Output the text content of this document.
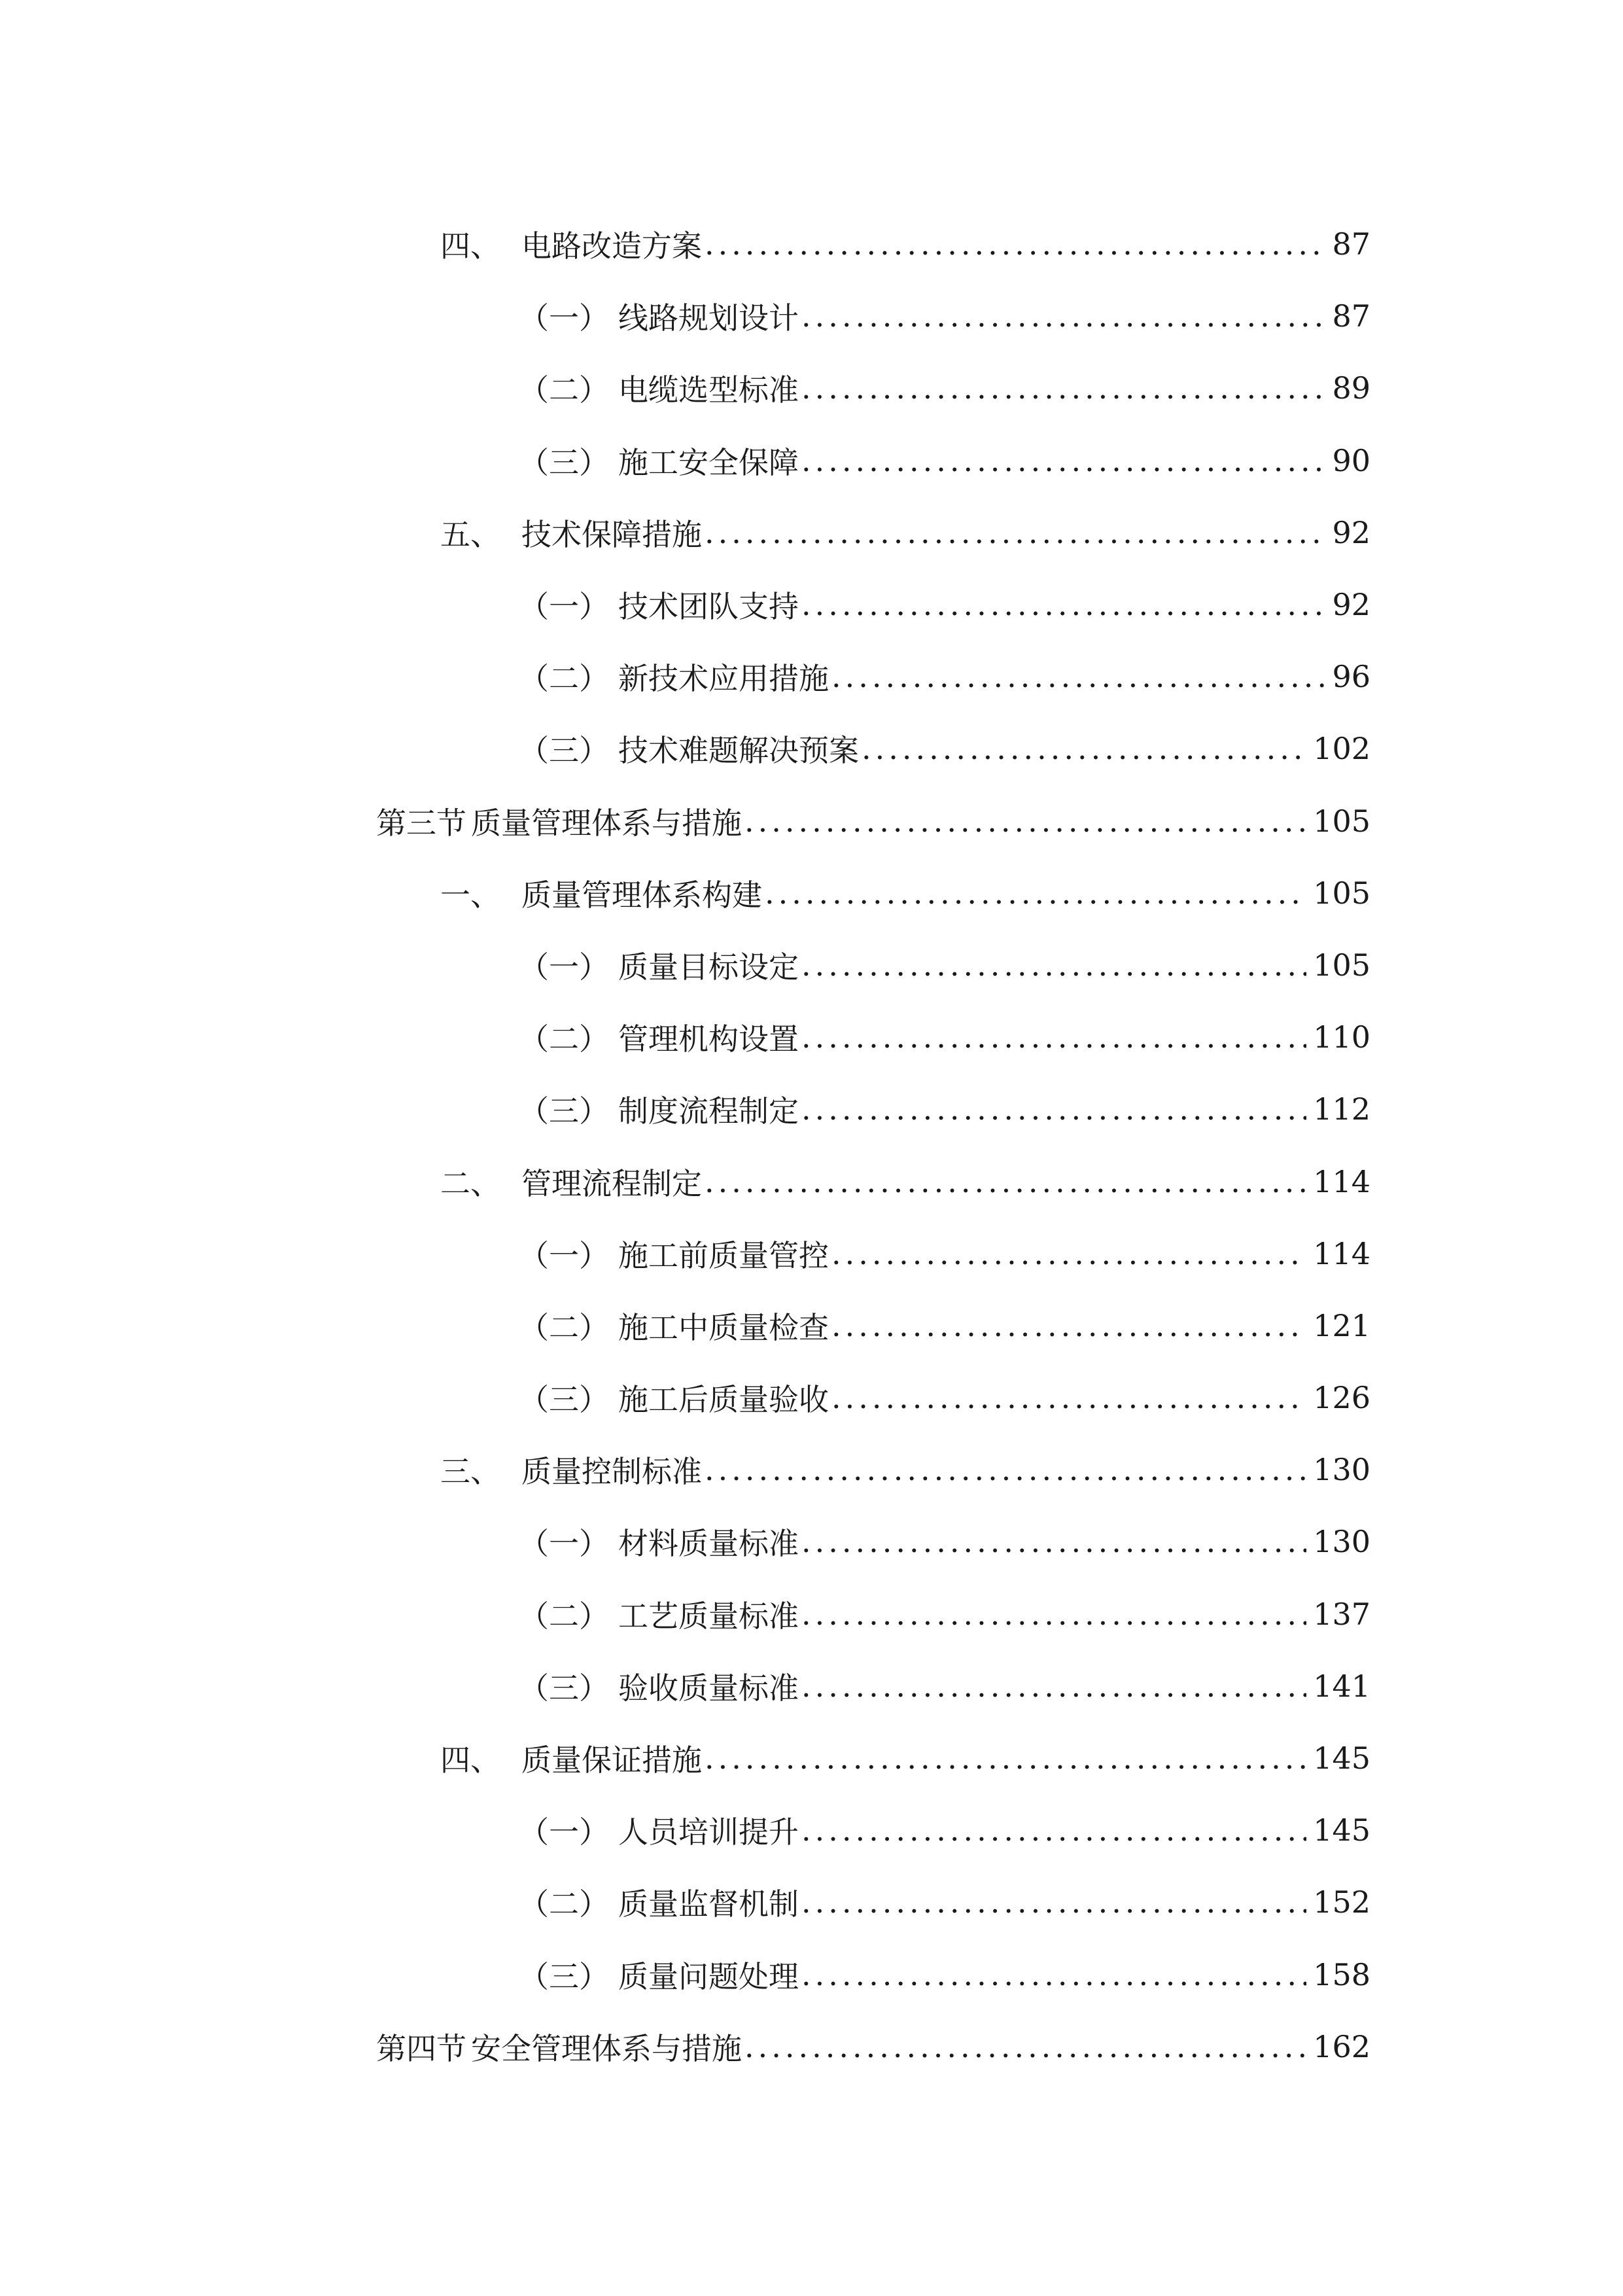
四、 电路改造方案 .....	87
（一） 线路规划设计 .....	87
（二） 电缆选型标准 .....	89
（三） 施工安全保障 .....	90
五、 技术保障措施 .....	92
（一） 技术团队支持 .....	92
（二） 新技术应用措施 .....	96
（三） 技术难题解决预案 .....	102
第三节 质量管理体系与措施 .....	105
一、 质量管理体系构建 .....	105
（一） 质量目标设定 .....	105
（二） 管理机构设置 .....	110
（三） 制度流程制定 .....	112
二、 管理流程制定 .....	114
（一） 施工前质量管控 .....	114
（二） 施工中质量检查 .....	121
（三） 施工后质量验收 .....	126
三、 质量控制标准 .....	130
（一） 材料质量标准 .....	130
（二） 工艺质量标准 .....	137
（三） 验收质量标准 .....	141
四、 质量保证措施 .....	145
（一） 人员培训提升 .....	145
（二） 质量监督机制 .....	152
（三） 质量问题处理 .....	158
第四节 安全管理体系与措施 .....	162
